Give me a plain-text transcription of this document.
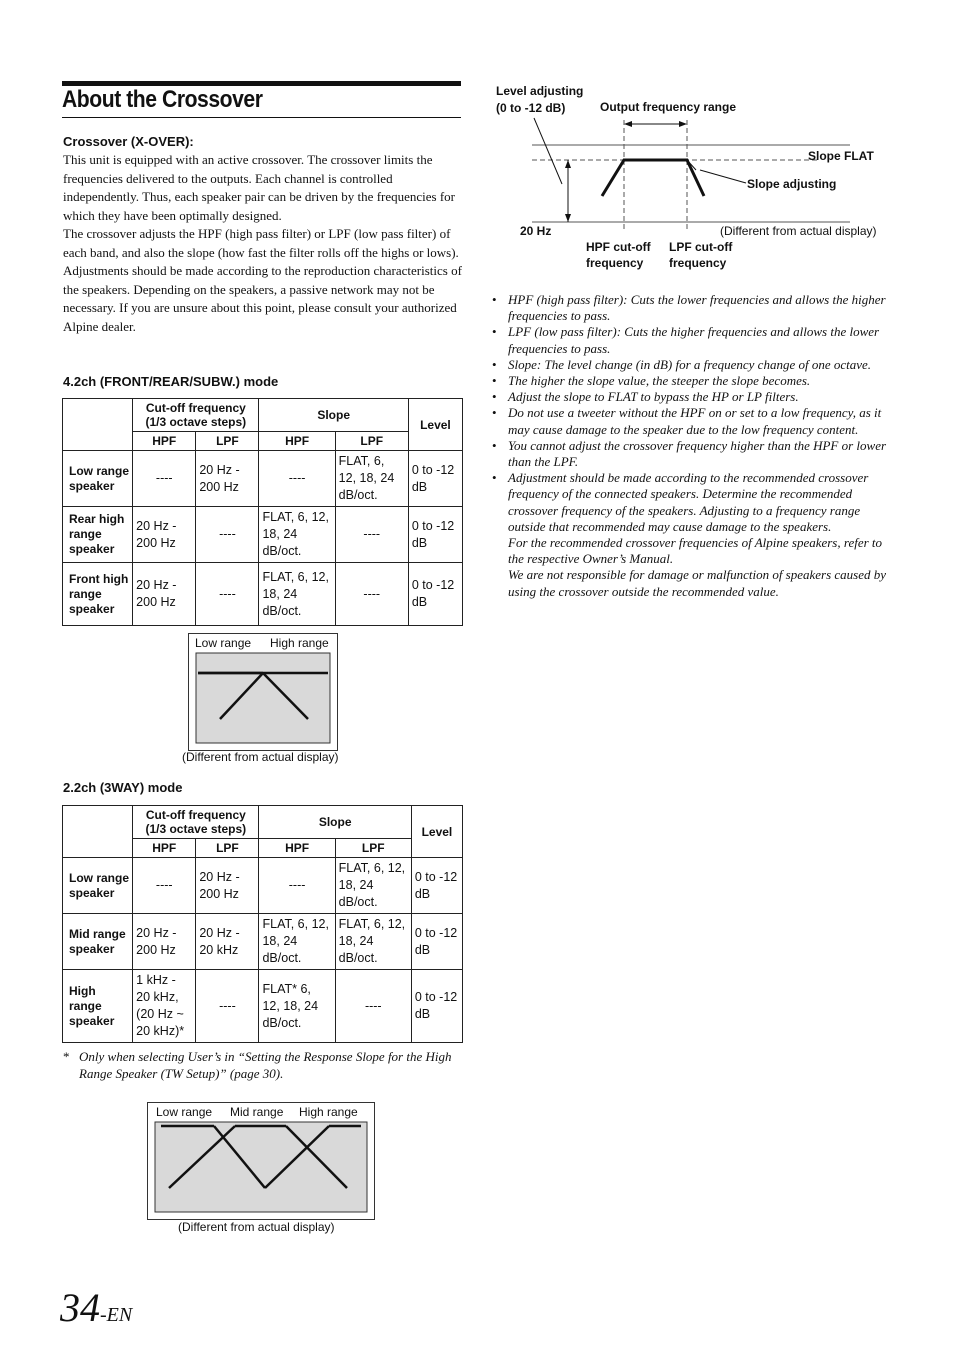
About the Crossover
Crossover (X-OVER):

This unit is equipped with an active crossover. The crossover limits the frequencies delivered to the outputs. Each channel is controlled independently. Thus, each speaker pair can be driven by the frequencies for which they have been optimally designed.

The crossover adjusts the HPF (high pass filter) or LPF (low pass filter) of each band, and also the slope (how fast the filter rolls off the highs or lows).

Adjustments should be made according to the reproduction characteristics of the speakers. Depending on the speakers, a passive network may not be necessary. If you are unsure about this point, please consult your authorized Alpine dealer.

4.2ch (FRONT/REAR/SUBW.) mode
	Cut-off frequency (1/3 octave steps)		Slope		Level
	HPF	LPF	HPF	LPF	
Low range speaker	----	20 Hz - 200 Hz	----	FLAT, 6, 12, 18, 24 dB/oct.	0 to -12 dB
Rear high range speaker	20 Hz - 200 Hz	----	FLAT, 6, 12, 18, 24 dB/oct.	----	0 to -12 dB
Front high range speaker	20 Hz - 200 Hz	----	FLAT, 6, 12, 18, 24 dB/oct.	----	0 to -12 dB
Low range High range
(Different from actual display)
2.2ch (3WAY) mode
	Cut-off frequency (1/3 octave steps)		Slope		Level
	HPF	LPF	HPF	LPF	
Low range speaker	----	20 Hz - 200 Hz	----	FLAT, 6, 12, 18, 24 dB/oct.	0 to -12 dB
Mid range speaker	20 Hz - 200 Hz	20 Hz - 20 kHz	FLAT, 6, 12, 18, 24 dB/oct.	FLAT, 6, 12, 18, 24 dB/oct.	0 to -12 dB
High range speaker	1 kHz - 20 kHz, (20 Hz ~ 20 kHz)*	----	FLAT* 6, 12, 18, 24 dB/oct.	----	0 to -12 dB
* Only when selecting User’s in “Setting the Response Slope for the High Range Speaker (TW Setup)” (page 30).
Low range Mid range High range
(Different from actual display)
Level adjusting
(0 to -12 dB)	Output frequency range
Slope FLAT
Slope adjusting
20 Hz	(Different from actual display)
HPF cut-off
frequency
LPF cut-off
frequency
• HPF (high pass filter): Cuts the lower frequencies and allows the higher frequencies to pass.
• LPF (low pass filter): Cuts the higher frequencies and allows the lower frequencies to pass.
• Slope: The level change (in dB) for a frequency change of one octave.
• The higher the slope value, the steeper the slope becomes.
• Adjust the slope to FLAT to bypass the HP or LP filters.
• Do not use a tweeter without the HPF on or set to a low frequency, as it may cause damage to the speaker due to the low frequency content.
• You cannot adjust the crossover frequency higher than the HPF or lower than the LPF.
• Adjustment should be made according to the recommended crossover frequency of the connected speakers. Determine the recommended crossover frequency of the speakers. Adjusting to a frequency range outside that recommended may cause damage to the speakers.
For the recommended crossover frequencies of Alpine speakers, refer to the respective Owner’s Manual.
We are not responsible for damage or malfunction of speakers caused by using the crossover outside the recommended value.
34-EN
